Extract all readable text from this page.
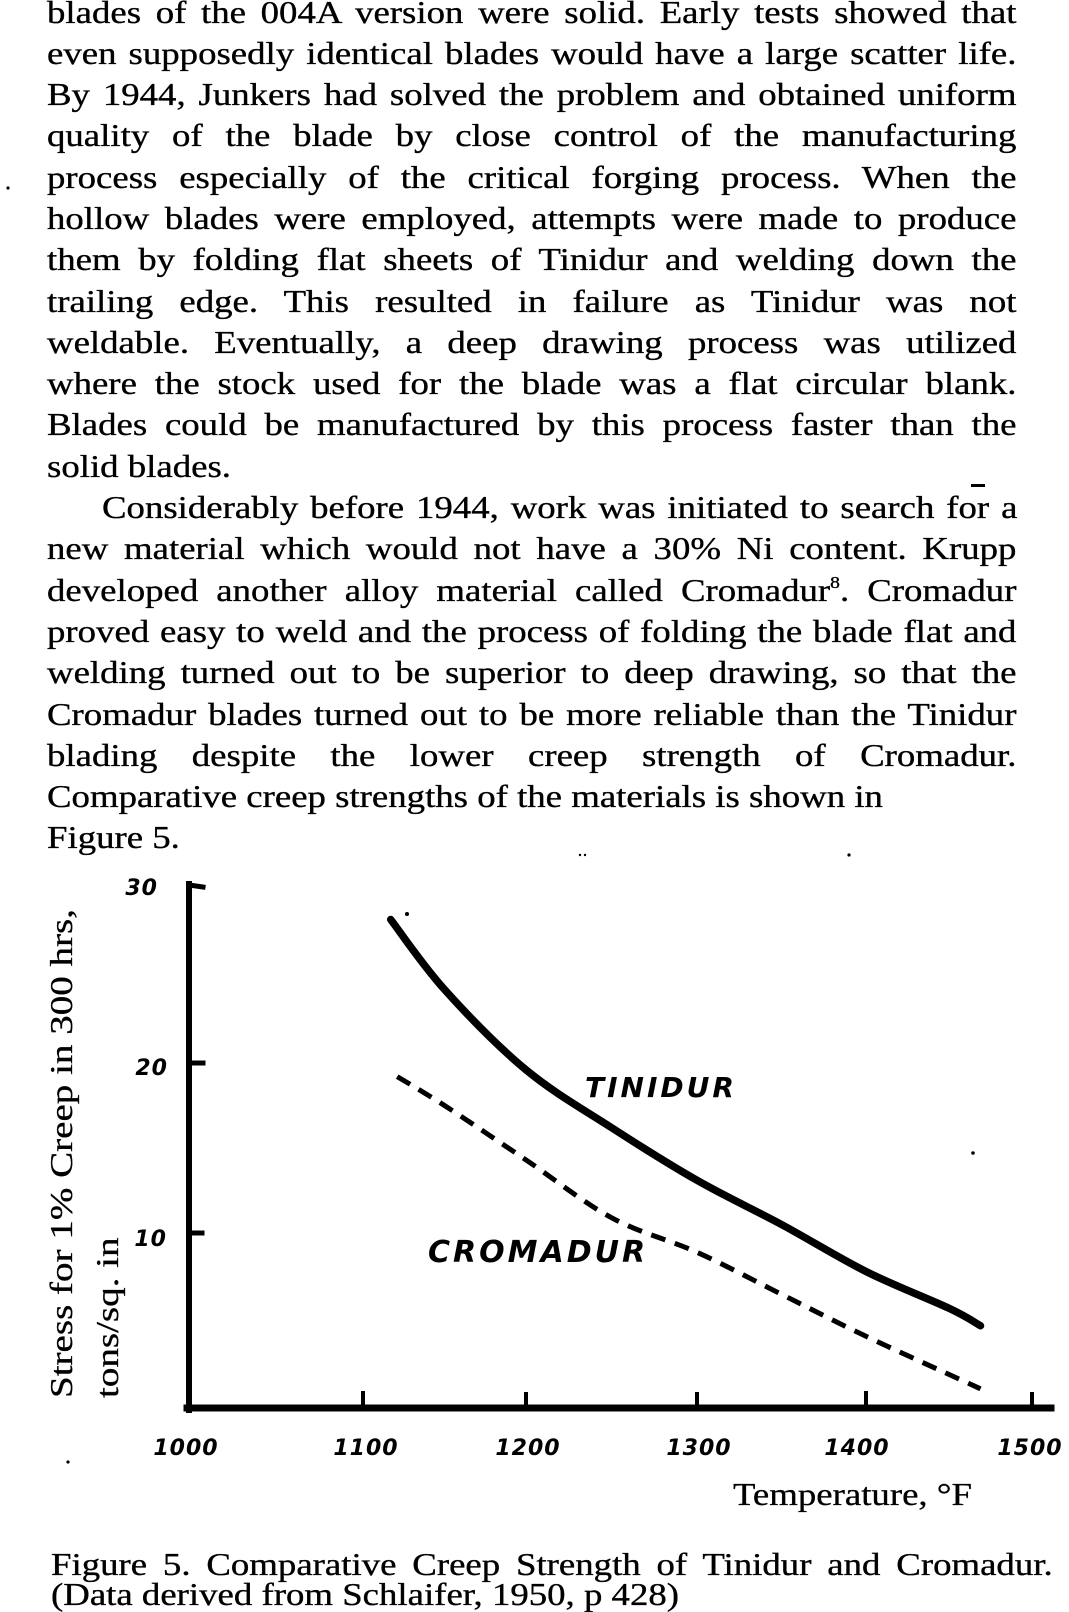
blades of the 004A version were solid. Early tests showed that
even supposedly identical blades would have a large scatter life.
By 1944, Junkers had solved the problem and obtained uniform
quality of the blade by close control of the manufacturing
process especially of the critical forging process. When the
hollow blades were employed, attempts were made to produce
them by folding flat sheets of Tinidur and welding down the
trailing edge. This resulted in failure as Tinidur was not
weldable. Eventually, a deep drawing process was utilized
where the stock used for the blade was a flat circular blank.
Blades could be manufactured by this process faster than the
solid blades.
Considerably before 1944, work was initiated to search for a
new material which would not have a 30% Ni content. Krupp
developed another alloy material called Cromadur$^8$. Cromadur
proved easy to weld and the process of folding the blade flat and
welding turned out to be superior to deep drawing, so that the
Cromadur blades turned out to be more reliable than the Tinidur
blading despite the lower creep strength of Cromadur.
Comparative creep strengths of the materials is shown in
Figure 5.
30
20
10
1000	1100	1200	1300	1400	1500
TINIDUR
CROMADUR
Stress for 1% Creep in 300 hrs, tons/sq. in
Temperature, °F
Figure 5. Comparative Creep Strength of Tinidur and Cromadur.
(Data derived from Schlaifer, 1950, p 428)
